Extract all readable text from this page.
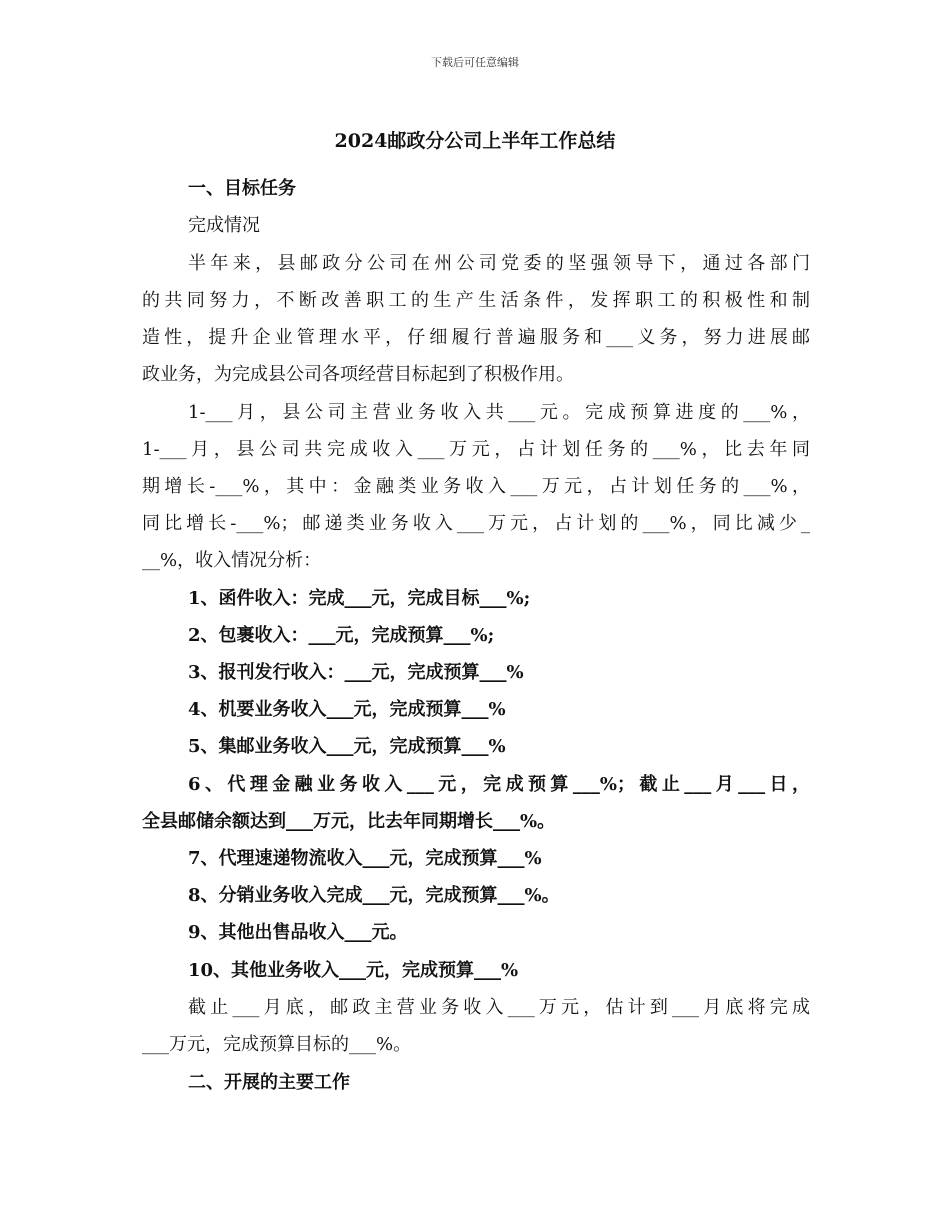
下载后可任意编辑
2024邮政分公司上半年工作总结
一、目标任务
完成情况
半年来，县邮政分公司在州公司党委的坚强领导下，通过各部门
的共同努力，不断改善职工的生产生活条件，发挥职工的积极性和制
造性，提升企业管理水平，仔细履行普遍服务和___义务，努力进展邮
政业务，为完成县公司各项经营目标起到了积极作用。
1-___月，县公司主营业务收入共___元。完成预算进度的___%，
1-___月，县公司共完成收入___万元，占计划任务的___%，比去年同
期增长-___%，其中：金融类业务收入___万元，占计划任务的___%，
同比增长-___%；邮递类业务收入___万元，占计划的___%，同比减少_
__%，收入情况分析：
1、函件收入：完成___元，完成目标___%;
2、包裹收入：___元，完成预算___%;
3、报刊发行收入：___元，完成预算___%
4、机要业务收入___元，完成预算___%
5、集邮业务收入___元，完成预算___%
6、代理金融业务收入___元，完成预算___%；截止___月___日，
全县邮储余额达到___万元，比去年同期增长___%。
7、代理速递物流收入___元，完成预算___%
8、分销业务收入完成___元，完成预算___%。
9、其他出售品收入___元。
10、其他业务收入___元，完成预算___%
截止___月底，邮政主营业务收入___万元，估计到___月底将完成
___万元，完成预算目标的___%。
二、开展的主要工作
